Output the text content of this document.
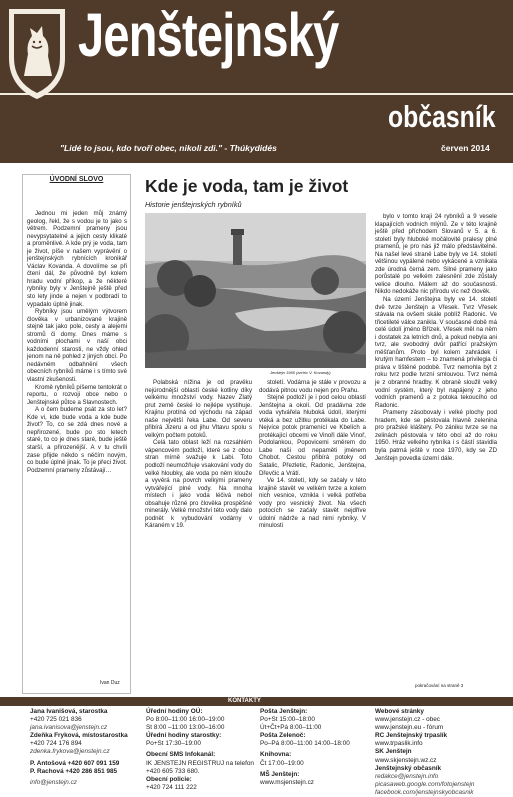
Jenštejnský
občasník
"Lidé to jsou, kdo tvoří obec, nikoli zdi." - Thúkydidés	červen 2014
ÚVODNÍ SLOVO

Jednou mi jeden můj známý geolog, řekl, že s vodou je to jako s větrem. Podzemní prameny jsou nevypsytatelné a jejich cesty klikaté a proměnlivé. A kde prý je voda, tam je život, píše v našem vyprávění o jenštejnských rybnících kronikář Václav Kovanda. A dovolíme se při čtení dál, že původně byl kolem hradu vodní příkop, a že některé rybníky byly v Jenštejně ještě před sto lety jinde a nejen v podbradí to vypadalo úplně jinak.

Rybníky jsou umělým výtvorem člověka v urbanizované krajině stejně tak jako pole, cesty a alejemi stromů či domy. Dnes máme s vodními plochami v naší obci každodenní starosti, ne vždy ohled jenom na ně pohled z jiných obcí. Po nedávném odbahnění všech obecních rybníků máme i s tímto své vlastní zkušenosti.

Kromě rybníků píšeme tentokrát o reportu, o rozvoji obce nebo o Jenštejnské půtce a Slavnostech.

A o čem budeme psát za sto let? Kde vi, kde bude voda a kde bude život? To, co se zdá dnes nové a nepřirozené, bude po sto letech staré, to co je dnes staré, bude ještě starší, a přirozenější. A v tu chvíli zase přijde někdo s něčím novým, co bude úplně jinak. To je přeci život. Podzemní prameny zůstávají…

Ivan Duz
Kde je voda, tam je život
Historie jenštejnských rybníků
Jenštejn 1965 (archiv V. Kovandy)

Polabská nížina je od pravěku nejúrodnější oblastí české kotliny díky velkému množství vody. Nazev Zlatý prut země české lo nejlépe vystihuje. Krajinu protíná od východu na západ naše největší řeka Labe. Od severu přibírá Jizeru a od jihu Vltavu spolu s velkým počtem potoků.

Celá tato oblast leží na rozsáhlém vápencovém podloží, které se z obou stran mírně svažuje k Labi. Toto podloží neumožňuje vsakování vody do velké hloubky, ale voda po něm klouže a vyvěrá na povrch velkými prameny vytvářející plné vody. Na mnoha místech i jako voda léčivá nebol obsahuje různé pro člověka prospěšné minerály. Velké množství této vody dalo podnět k vybudování vodárny v Káraném v 19.

století. Vodárna je stále v provozu a dodává pitnou vodu nejen pro Prahu.

Stejné podloží je i pod celou oblastí Jenštejna a okolí. Od pradávna zde voda vytvářela hluboká údolí, kterými vtéká a bez užitku protékala do Labe. Nejvíce potok pramenící ve Kbelích a protékající obcemi ve Vinoři dále Vinoř, Podolankou, Popovicemi směrem do Labe naši od nepaměti jménem Chobot. Cestou přibírá potoky od Satalic, Přezletic, Radonic, Jenštejna, Dřevčic a Vrátí.

Ve 14. století, kdy se začaly v této krajině stavět ve velkém tvrze a kolem nich vesnice, vznikla i velká potřeba vody pro vesnický život. Na všech potocích se začaly stavět nejdříve údolní nádrže a nad nimi rybníky. V minulosti

bylo v tomto kraji 24 rybníků a 9 vesele klapajících vodních mlýnů. Ze v této krajině ještě před příchodem Slovanů v 5. a 6. století byly hluboké močálovité pralesy plné pramenů, je pro nás již málo představitelné. Na našel levé straně Labe byly ve 14. století většinou vypálené nebo vykácené a vznikala zde úrodná černá zem. Silné prameny jako porůstalé po velkém zalesnění zde zůstaly velice dlouho. Málem až do současnosti. Nikdo nedokáže nic přírodu víc než člověk.

Na území Jenštejna byly ve 14. století dvě tvrze Jenštejn a Vřesek. Tvrz Vřesek stávala na ovšem skále poblíž Radonic. Ve třicetileté válce zanikla. V současné době má celé údolí jméno Břízek. Vřesek měl na něm i dostatek za letních dnů, a pokud nebyla ani tvrz, ale svobodný dvůr patřící pražským měšťanům. Proto byl kolem zahrádek i krutým hamfestem – to znamená privilegia či práva v tištěné podobě. Tvrz nemohla být z roku tvrz podle tvrzní smlouvou. Tvrz nemá je z obranné hradby. K obraně sloužil velký vodní systém, který byl napájený z jeho vodních pramenů a z potoka tekoucího od Radonic.

Prameny zásobovaly i velké plochy pod hradem, kde se pěstovala hlavně zelenina pro pražské kláštery. Po zániku tvrze se na zelinách pěstovala v této obci až do roku 1950. Hráz velkého rybníka i s částí stavidla byla patrná ještě v roce 1970, kdy se ZD Jenštejn povedla území dále.

pokračování na straně 3
KONTAKTY
Jana Ivanišová, starostka
+420 725 021 836
jana.ivanisova@jenstejn.cz
Zdeňka Fryková, místostarostka
+420 724 176 894
zdenka.frykova@jenstejn.cz
P. Antošová +420 607 091 159
P. Rachová +420 286 851 985
info@jenstejn.cz
Úřední hodiny OÚ:
Po 8:00–11:00 16:00–19:00
St 8:00 –11:00 13:00–16:00
Úřední hodiny starostky:
Po+St 17:30–19:00
Obecní SMS Infokanál:
IK JENSTEJN REGISTRUJ na telefon +420 605 733 680.
Obecní policie:
+420 724 111 222
Pošta Jenštejn:
Po+St 15:00–18:00
Út+Čt+Pá 8:00–11:00
Pošta Zelenoč:
Po–Pá 8:00–11:00 14:00–18:00
Knihovna:
Čt 17:00–19:00
MŠ Jenštejn:
www.msjenstejn.cz
Webové stránky
www.jenstejn.cz - obec
www.jenstejn.eu - fórum
RC Jenštejnský trpaslík
www.trpaslik.info
SK Jenštejn
www.skjenstejn.wz.cz
Jenštejnský občasník
redakce@jenstejn.info
picasaweb.google.com/fotojenstejn
facebook.com/jenstejnskyobcasnik
